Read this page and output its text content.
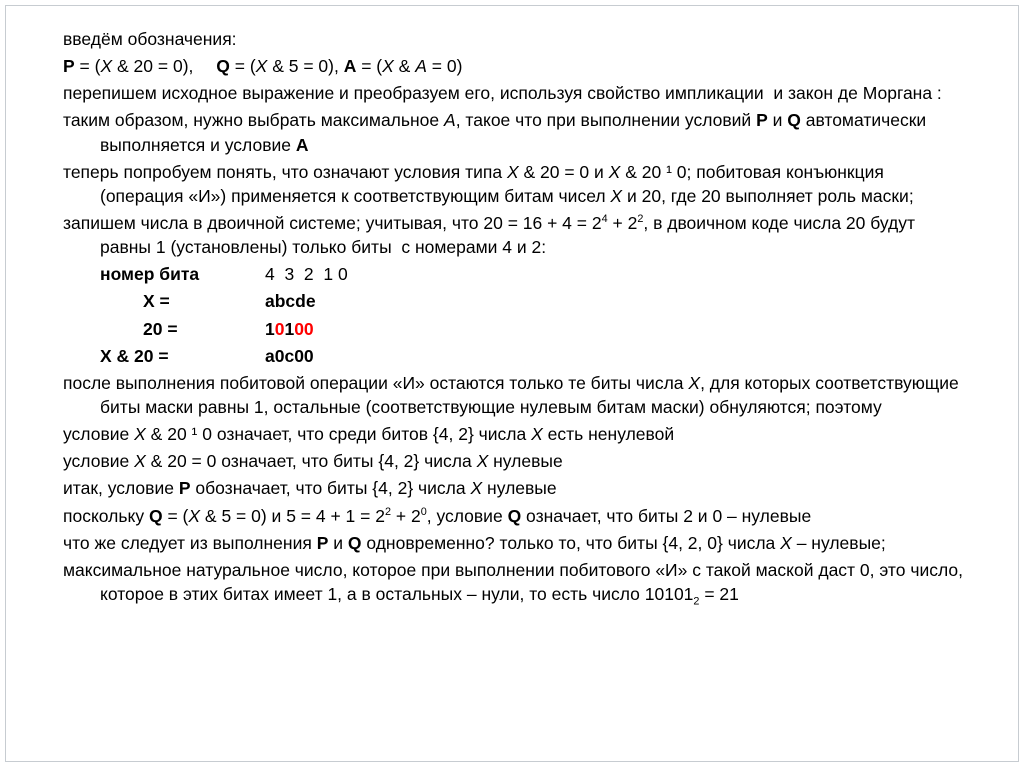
введём обозначения:
P = (X & 20 = 0), Q = (X & 5 = 0), A = (X & A = 0)
перепишем исходное выражение и преобразуем его, используя свойство импликации  и закон де Моргана :
таким образом, нужно выбрать максимальное А, такое что при выполнении условий P и Q автоматически выполняется и условие A
теперь попробуем понять, что означают условия типа X & 20 = 0 и X & 20 ¹ 0; побитовая конъюнкция (операция «И») применяется к соответствующим битам чисел X и 20, где 20 выполняет роль маски;
запишем числа в двоичной системе; учитывая, что $20 = 16 + 4 = 2^4 + 2^2$, в двоичном коде числа 20 будут равны 1 (установлены) только биты  с номерами 4 и 2:
номер бита	4  3  2  1 0
X =	abcde
20 =	10100
X & 20 =	a0c00
после выполнения побитовой операции «И» остаются только те биты числа X, для которых соответствующие биты маски равны 1, остальные (соответствующие нулевым битам маски) обнуляются; поэтому
условие X & 20 ¹ 0 означает, что среди битов {4, 2} числа X есть ненулевой
условие X & 20 = 0 означает, что биты {4, 2} числа X нулевые
итак, условие P обозначает, что биты {4, 2} числа X нулевые
поскольку Q = (X & 5 = 0) и $5 = 4 + 1 = 2^2 + 2^0$, условие Q означает, что биты 2 и 0 – нулевые
что же следует из выполнения P и Q одновременно? только то, что биты {4, 2, 0} числа X – нулевые;
максимальное натуральное число, которое при выполнении побитового «И» с такой маской даст 0, это число, которое в этих битах имеет 1, а в остальных – нули, то есть число $10101_2 = 21$
